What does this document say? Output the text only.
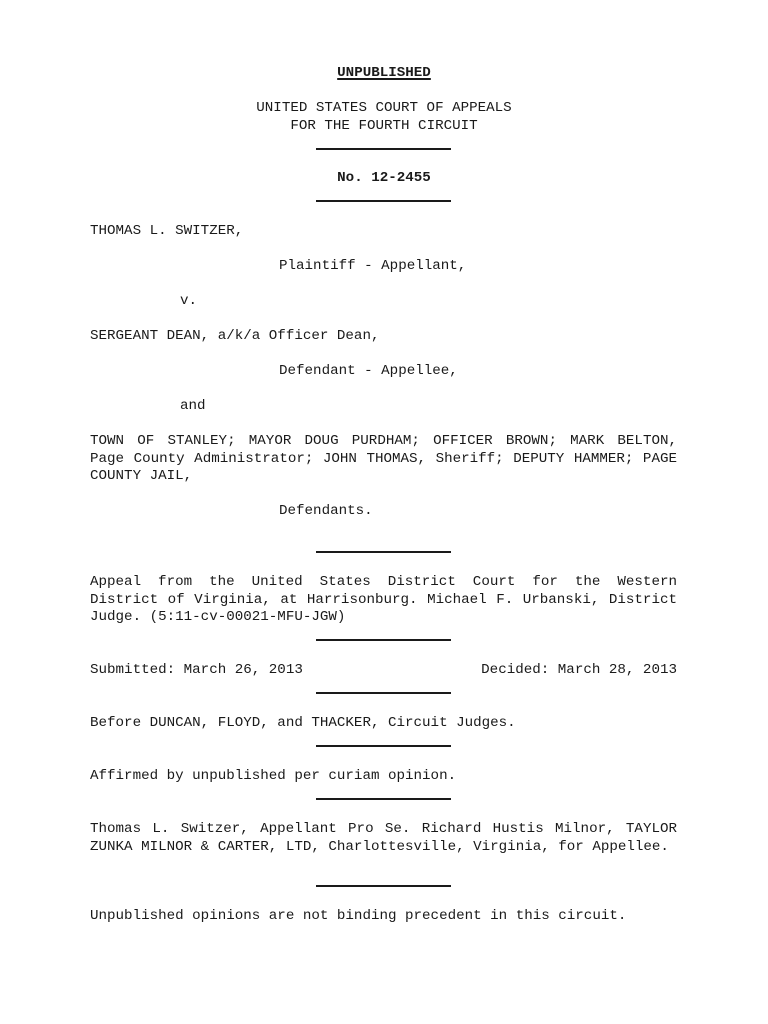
UNPUBLISHED
UNITED STATES COURT OF APPEALS
FOR THE FOURTH CIRCUIT
No. 12-2455
THOMAS L. SWITZER,
Plaintiff - Appellant,
v.
SERGEANT DEAN, a/k/a Officer Dean,
Defendant - Appellee,
and
TOWN OF STANLEY; MAYOR DOUG PURDHAM; OFFICER BROWN; MARK BELTON, Page County Administrator; JOHN THOMAS, Sheriff; DEPUTY HAMMER; PAGE COUNTY JAIL,
Defendants.
Appeal from the United States District Court for the Western District of Virginia, at Harrisonburg. Michael F. Urbanski, District Judge. (5:11-cv-00021-MFU-JGW)
Submitted: March 26, 2013	Decided: March 28, 2013
Before DUNCAN, FLOYD, and THACKER, Circuit Judges.
Affirmed by unpublished per curiam opinion.
Thomas L. Switzer, Appellant Pro Se. Richard Hustis Milnor, TAYLOR ZUNKA MILNOR & CARTER, LTD, Charlottesville, Virginia, for Appellee.
Unpublished opinions are not binding precedent in this circuit.
